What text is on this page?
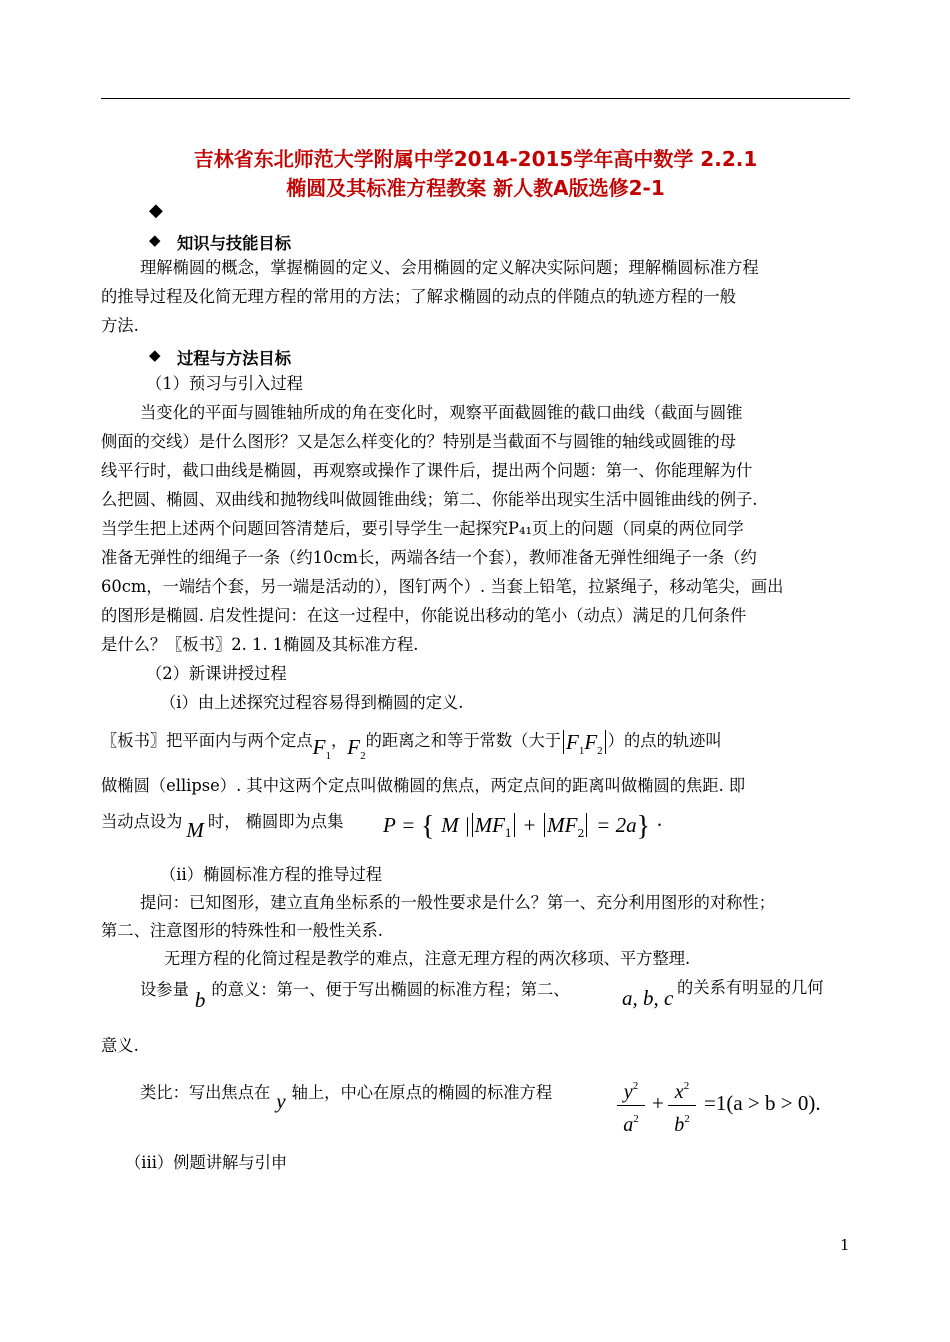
吉林省东北师范大学附属中学2014-2015学年高中数学 2.2.1
椭圆及其标准方程教案 新人教A版选修2-1
◆
◆ 知识与技能目标
理解椭圆的概念，掌握椭圆的定义、会用椭圆的定义解决实际问题；理解椭圆标准方程
的推导过程及化简无理方程的常用的方法；了解求椭圆的动点的伴随点的轨迹方程的一般
方法.
◆ 过程与方法目标
（1）预习与引入过程
当变化的平面与圆锥轴所成的角在变化时，观察平面截圆锥的截口曲线（截面与圆锥
侧面的交线）是什么图形？又是怎么样变化的？特别是当截面不与圆锥的轴线或圆锥的母
线平行时，截口曲线是椭圆，再观察或操作了课件后，提出两个问题：第一、你能理解为什
么把圆、椭圆、双曲线和抛物线叫做圆锥曲线；第二、你能举出现实生活中圆锥曲线的例子.
当学生把上述两个问题回答清楚后，要引导学生一起探究P₄₁页上的问题（同桌的两位同学
准备无弹性的细绳子一条（约10cm长，两端各结一个套），教师准备无弹性细绳子一条（约
60cm，一端结个套，另一端是活动的），图钉两个）. 当套上铅笔，拉紧绳子，移动笔尖，画出
的图形是椭圆. 启发性提问：在这一过程中，你能说出移动的笔小（动点）满足的几何条件
是什么？〖板书〗2. 1. 1椭圆及其标准方程.
（2）新课讲授过程
（i）由上述探究过程容易得到椭圆的定义.
〖板书〗把平面内与两个定点$F_1$，$F_2$的距离之和等于常数（大于 $F_1F_2$）的点的轨迹叫
做椭圆（ellipse）. 其中这两个定点叫做椭圆的焦点，两定点间的距离叫做椭圆的焦距. 即
当动点设为 M 时， 椭圆即为点集 P = { M | $MF_1 + MF_2 = 2a$} ·
（ii）椭圆标准方程的推导过程
提问：已知图形，建立直角坐标系的一般性要求是什么？第一、充分利用图形的对称性；
第二、注意图形的特殊性和一般性关系.
无理方程的化简过程是教学的难点，注意无理方程的两次移项、平方整理.
设参量 b 的意义：第一、便于写出椭圆的标准方程；第二、 a, b, c 的关系有明显的几何
意义.
类比：写出焦点在 y 轴上，中心在原点的椭圆的标准方程	$y^2$
$a^2$
+ $x^2$
$b^2$
=1(a > b > 0).
（iii）例题讲解与引申
1
